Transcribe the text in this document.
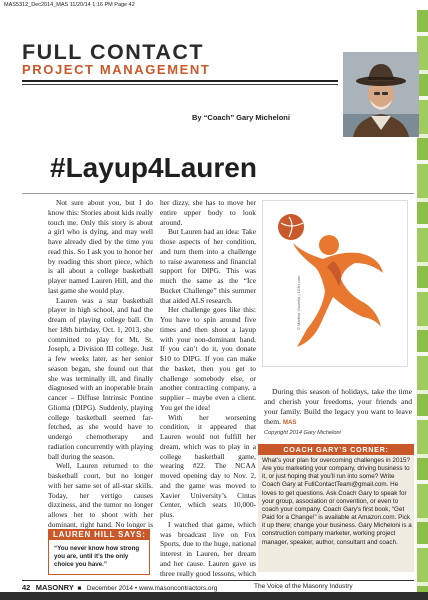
MAS5312_Dec2014_MAS 11/20/14 1:16 PM Page 42
FULL CONTACT
PROJECT MANAGEMENT
By “Coach” Gary Micheloni
#Layup4Lauren

Not sure about you, but I do know this: Stories about kids really touch me. Only this story is about a girl who is dying, and may well have already died by the time you read this. So I ask you to honor her by reading this short piece, which is all about a college basketball player named Lauren Hill, and the last game she would play.

Lauren was a star basketball player in high school, and had the dream of playing college ball. On her 18th birthday, Oct. 1, 2013, she committed to play for Mt. St. Joseph, a Division III college. Just a few weeks later, as her senior season began, she found out that she was terminally ill, and finally diagnosed with an inoperable brain cancer – Diffuse Intrinsic Pontine Glioma (DIPG). Suddenly, playing college basketball seemed far-fetched, as she would have to undergo chemotherapy and radiation concurrently with playing ball during the season.

Well, Lauren returned to the basketball court, but no longer with her same set of all-star skills. Today, her vertigo causes dizziness, and the tumor no longer allows her to shoot with her dominant, right hand. No longer is

her dizzy, she has to move her entire upper body to look around.

But Lauren had an idea: Take those aspects of her condition, and turn them into a challenge to raise awareness and financial support for DIPG. This was much the same as the “Ice Bucket Challenge” this summer that aided ALS research.

Her challenge goes like this: You have to spin around five times and then shoot a layup with your non-dominant hand. If you can’t do it, you donate $10 to DIPG. If you can make the basket, then you get to challenge somebody else, or another contracting company, a supplier – maybe even a client. You get the idea!

With her worsening condition, it appeared that Lauren would not fulfill her dream, which was to play in a college basketball game, wearing #22. The NCAA moved opening day to Nov. 2, and the game was moved to Xavier University’s Cintas Center, which seats 10,000-plus.

I watched that game, which was broadcast live on Fox Sports, due to the huge, national interest in Lauren, her dream and her cause. Lauren gave us three really good lessons, which

© Martina Vozzella | 123rf.com

During this season of holidays, take the time and cherish your freedoms, your friends and your family. Build the legacy you want to leave them. MAS

Copyright 2014 Gary Micheloni
COACH GARY’S CORNER:
What’s your plan for overcoming challenges in 2015? Are you marketing your company, driving business to it, or just hoping that you’ll run into some? Write Coach Gary at FullContactTeam@gmail.com. He loves to get questions. Ask Coach Gary to speak for your group, association or convention, or even to coach your company. Coach Gary’s first book, “Get Paid for a Change!” is available at Amazon.com. Pick it up there; change your business. Gary Micheloni is a construction company marketer, working project manager, speaker, author, consultant and coach.
LAUREN HILL SAYS:
“You never know how strong you are, until it’s the only choice you have.”
42 MASONRY  ■   December 2014 • www.masoncontractors.org	The Voice of the Masonry Industry
